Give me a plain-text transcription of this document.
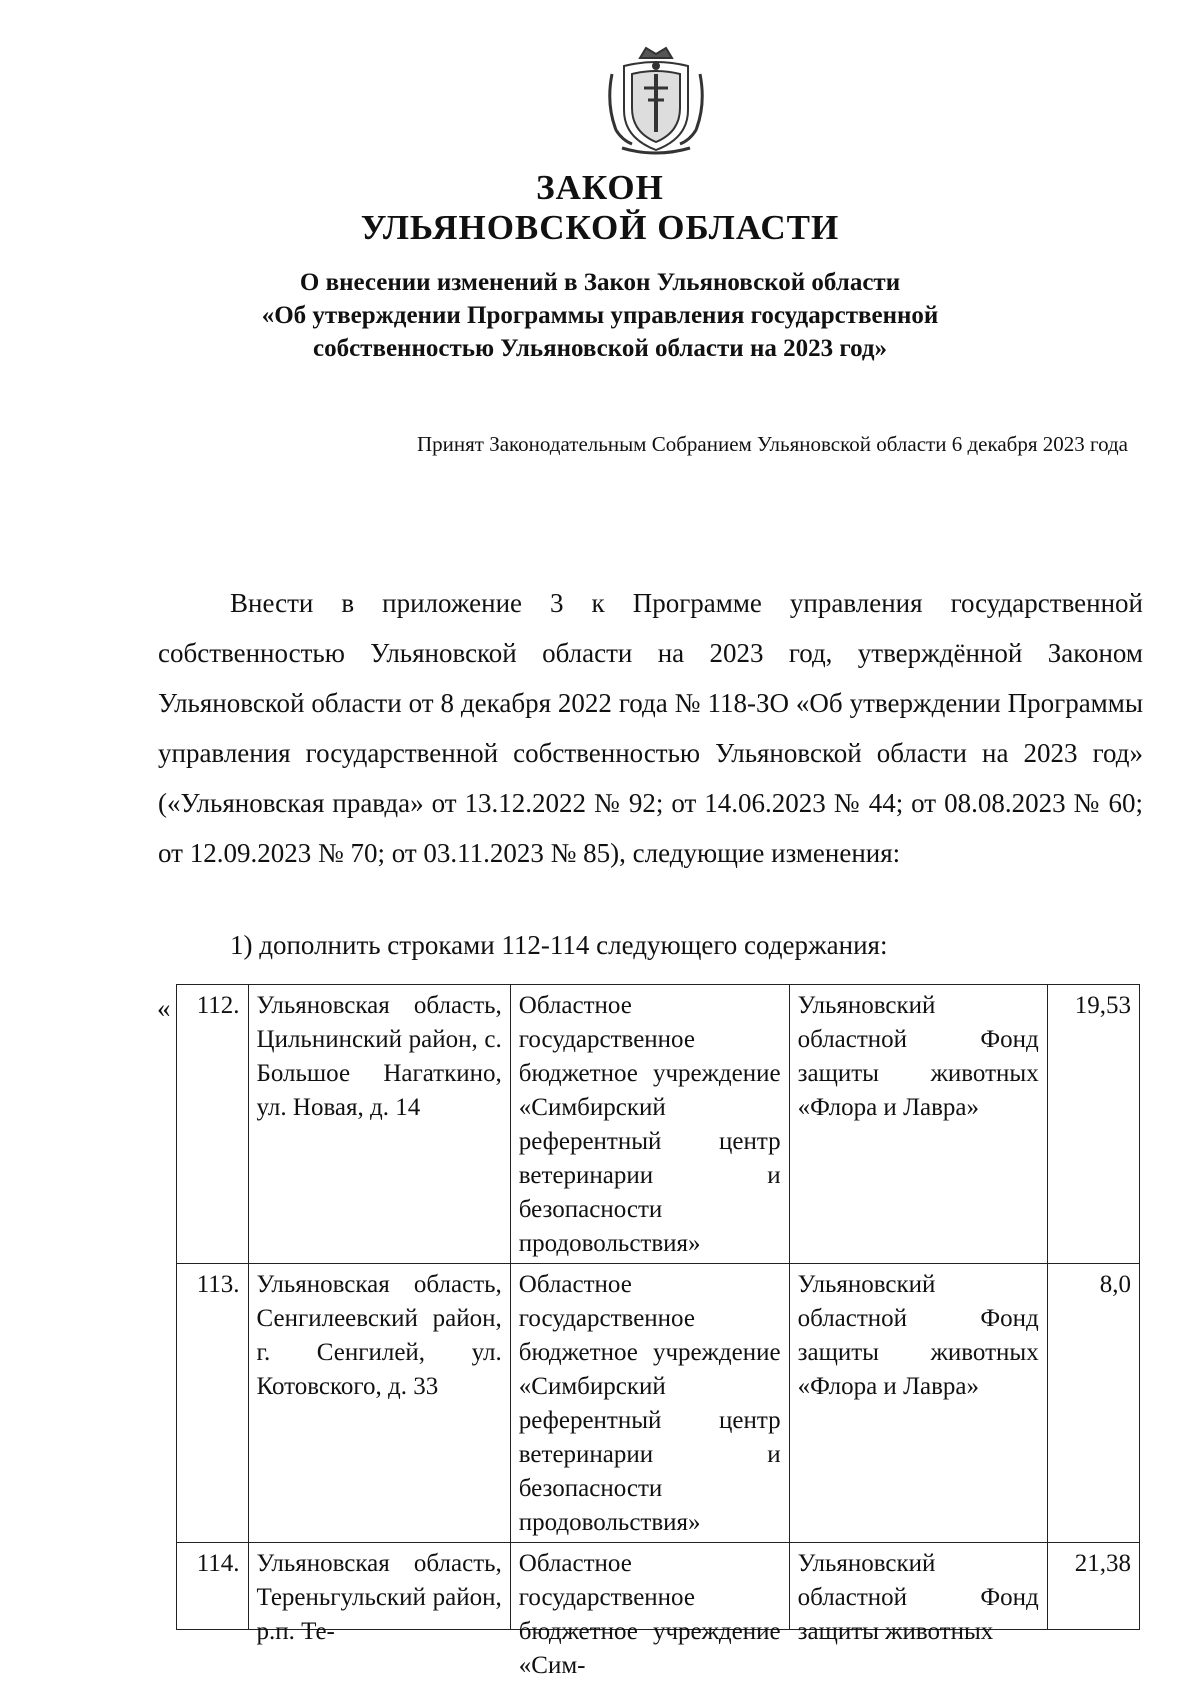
ЗАКОН
УЛЬЯНОВСКОЙ ОБЛАСТИ
О внесении изменений в Закон Ульяновской области
«Об утверждении Программы управления государственной
собственностью Ульяновской области на 2023 год»

Принят Законодательным Собранием Ульяновской области 6 декабря 2023 года

Внести в приложение 3 к Программе управления государственной собственностью Ульяновской области на 2023 год, утверждённой Законом Ульяновской области от 8 декабря 2022 года № 118-ЗО «Об утверждении Программы управления государственной собственностью Ульяновской области на 2023 год» («Ульяновская правда» от 13.12.2022 № 92; от 14.06.2023 № 44; от 08.08.2023 № 60; от 12.09.2023 № 70; от 03.11.2023 № 85), следующие изменения:

1) дополнить строками 112-114 следующего содержания:

« 112.	Ульяновская область, Цильнинский район, с. Большое Нагаткино, ул. Новая, д. 14	Областное государственное бюджетное учреждение «Симбирский референтный центр ветеринарии и безопасности продовольствия»	Ульяновский областной Фонд защиты животных «Флора и Лавра»	19,53
113.	Ульяновская область, Сенгилеевский район, г. Сенгилей, ул. Котовского, д. 33	Областное государственное бюджетное учреждение «Симбирский референтный центр ветеринарии и безопасности продовольствия»	Ульяновский областной Фонд защиты животных «Флора и Лавра»	8,0

114.	Ульяновская область, Тереньгульский район, р.п. Те-	Областное государственное бюджетное учреждение «Сим-	Ульяновский областной Фонд защиты животных	21,38
